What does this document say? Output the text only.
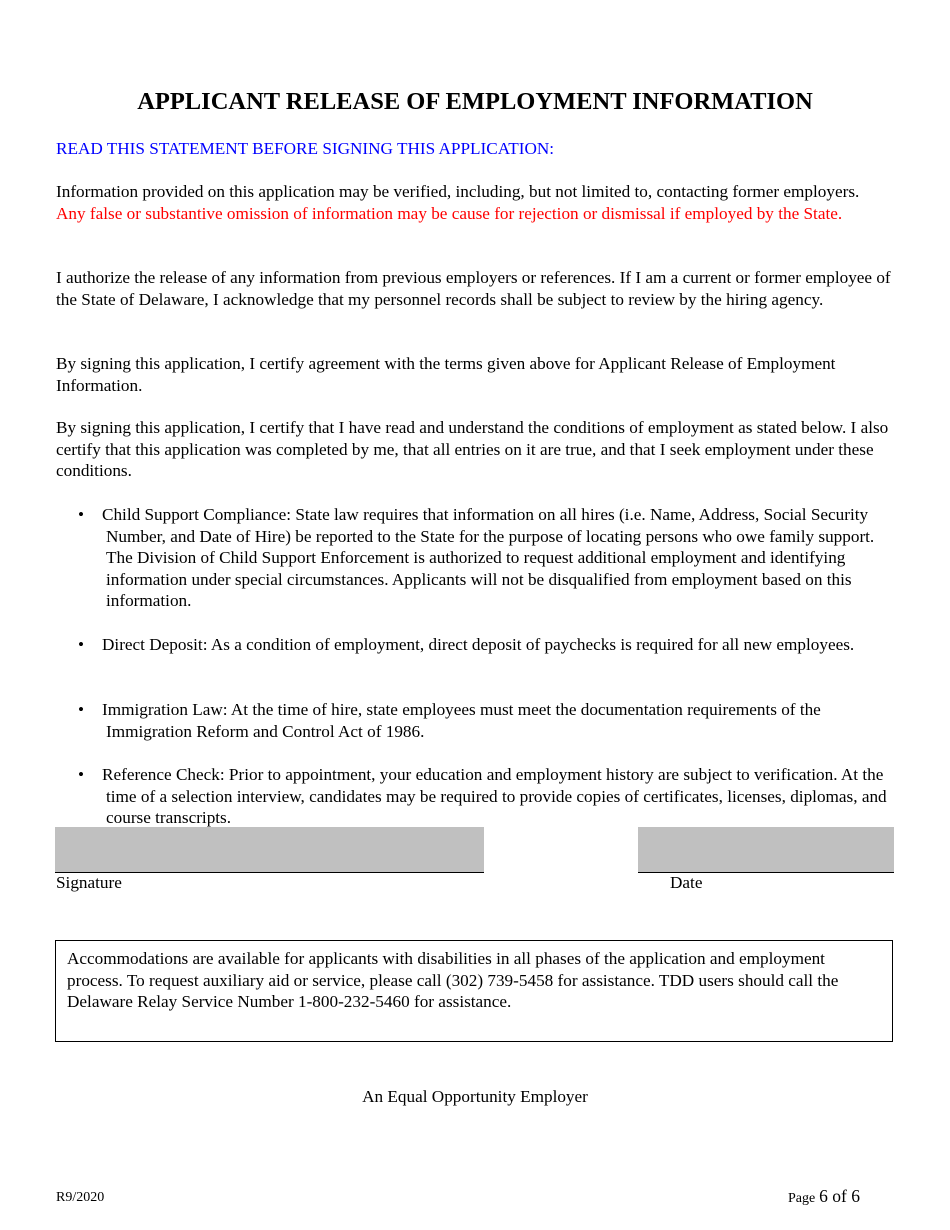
APPLICANT RELEASE OF EMPLOYMENT INFORMATION
READ THIS STATEMENT BEFORE SIGNING THIS APPLICATION:
Information provided on this application may be verified, including, but not limited to, contacting former employers.  Any false or substantive omission of information may be cause for rejection or dismissal if employed by the State.
I authorize the release of any information from previous employers or references. If I am a current or former employee of the State of Delaware, I acknowledge that my personnel records shall be subject to review by the hiring agency.
By signing this application, I certify agreement with the terms given above for Applicant Release of Employment Information.
By signing this application, I certify that I have read and understand the conditions of employment as stated below. I also certify that this application was completed by me, that all entries on it are true, and that I seek employment under these conditions.
• Child Support Compliance: State law requires that information on all hires (i.e. Name, Address, Social Security Number, and Date of Hire) be reported to the State for the purpose of locating persons who owe family support. The Division of Child Support Enforcement is authorized to request additional employment and identifying information under special circumstances. Applicants will not be disqualified from employment based on this information.
• Direct Deposit: As a condition of employment, direct deposit of paychecks is required for all new employees.
• Immigration Law: At the time of hire, state employees must meet the documentation requirements of the Immigration Reform and Control Act of 1986.
• Reference Check: Prior to appointment, your education and employment history are subject to verification. At the time of a selection interview, candidates may be required to provide copies of certificates, licenses, diplomas, and course transcripts.
Signature	Date
Accommodations are available for applicants with disabilities in all phases of the application and employment process. To request auxiliary aid or service, please call (302) 739-5458 for assistance. TDD users should call the Delaware Relay Service Number 1-800-232-5460 for assistance.
An Equal Opportunity Employer
R9/2020	Page 6 of 6
